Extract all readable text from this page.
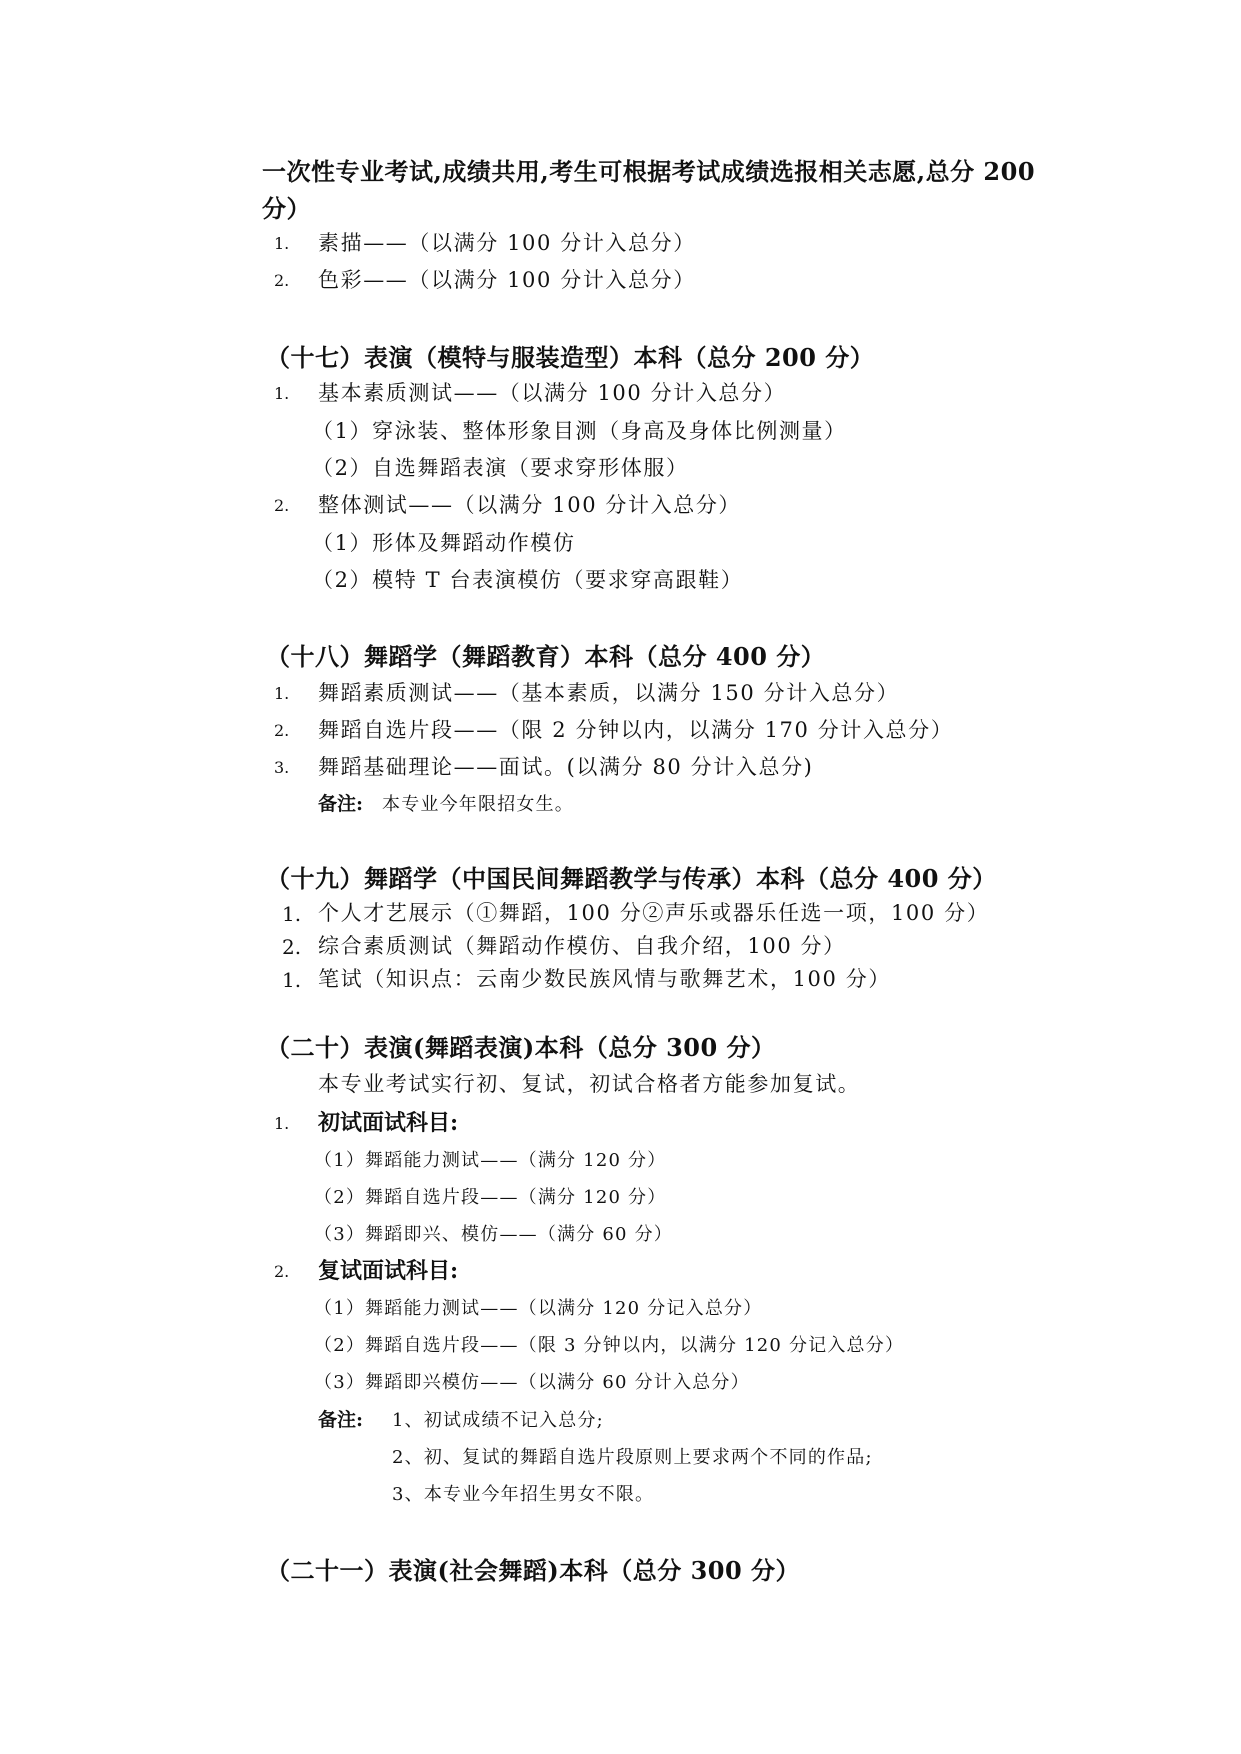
一次性专业考试,成绩共用,考生可根据考试成绩选报相关志愿,总分 200
分）
1. 素描——（以满分 100 分计入总分）
2. 色彩——（以满分 100 分计入总分）
（十七）表演（模特与服装造型）本科（总分 200 分）
1. 基本素质测试——（以满分 100 分计入总分）
（1）穿泳装、整体形象目测（身高及身体比例测量）
（2）自选舞蹈表演（要求穿形体服）
2. 整体测试——（以满分 100 分计入总分）
（1）形体及舞蹈动作模仿
（2）模特 T 台表演模仿（要求穿高跟鞋）
（十八）舞蹈学（舞蹈教育）本科（总分 400 分）
1. 舞蹈素质测试——（基本素质，以满分 150 分计入总分）
2. 舞蹈自选片段——（限 2 分钟以内，以满分 170 分计入总分）
3. 舞蹈基础理论——面试。(以满分 80 分计入总分)
备注: 本专业今年限招女生。
（十九）舞蹈学（中国民间舞蹈教学与传承）本科（总分 400 分）
1. 个人才艺展示（①舞蹈，100 分②声乐或器乐任选一项，100 分）
2. 综合素质测试（舞蹈动作模仿、自我介绍，100 分）
1. 笔试（知识点：云南少数民族风情与歌舞艺术，100 分）
（二十）表演(舞蹈表演)本科（总分 300 分）
本专业考试实行初、复试，初试合格者方能参加复试。
1. 初试面试科目:
（1）舞蹈能力测试——（满分 120 分）
（2）舞蹈自选片段——（满分 120 分）
（3）舞蹈即兴、模仿——（满分 60 分）
2. 复试面试科目:
（1）舞蹈能力测试——（以满分 120 分记入总分）
（2）舞蹈自选片段——（限 3 分钟以内，以满分 120 分记入总分）
（3）舞蹈即兴模仿——（以满分 60 分计入总分）
备注: 1、初试成绩不记入总分;
2、初、复试的舞蹈自选片段原则上要求两个不同的作品;
3、本专业今年招生男女不限。
（二十一）表演(社会舞蹈)本科（总分 300 分）
